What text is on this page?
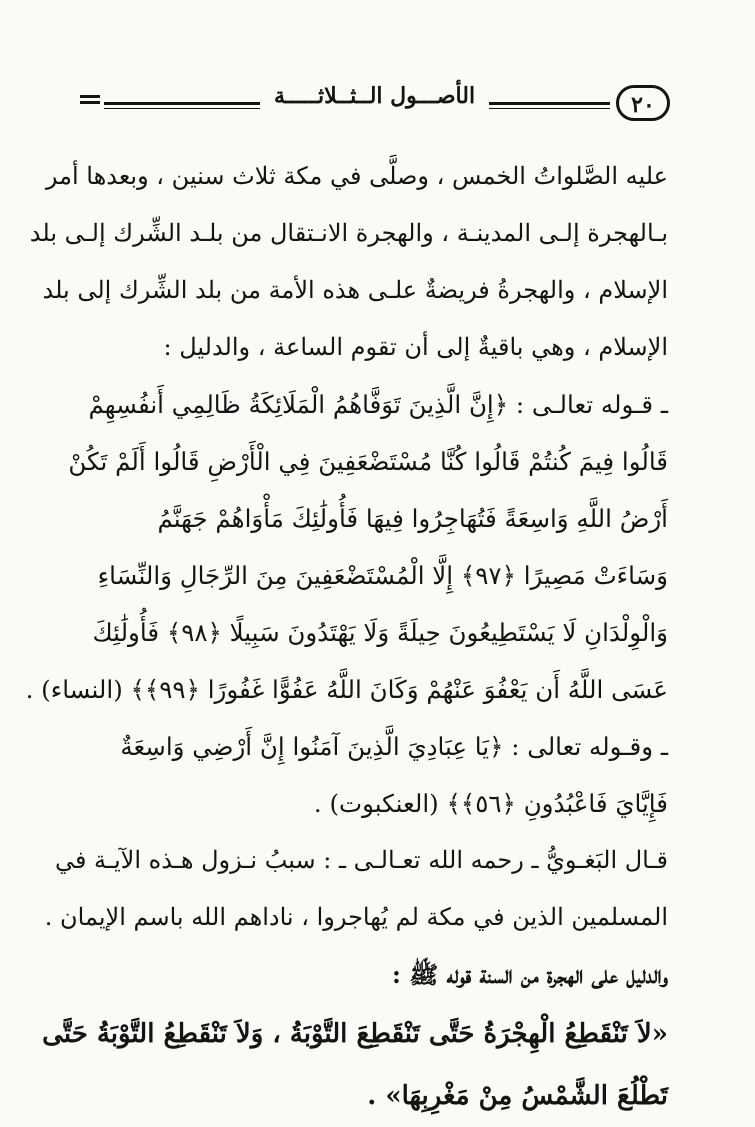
الأصـــول الــثــلاثـــــة	٢٠
عليه الصَّلواتُ الخمس ، وصلَّى في مكة ثلاث سنين ، وبعدها أمر
بـالهجرة إلـى المدينـة ، والهجرة الانـتقال من بلـد الشِّرك إلـى بلد
الإسلام ، والهجرةُ فريضةٌ علـى هذه الأمة من بلد الشِّرك إلى بلد
الإسلام ، وهي باقيةٌ إلى أن تقوم الساعة ، والدليل :
ـ قـوله تعالـى : ﴿إِنَّ الَّذِينَ تَوَفَّاهُمُ الْمَلَائِكَةُ ظَالِمِي أَنفُسِهِمْ
قَالُوا فِيمَ كُنتُمْ قَالُوا كُنَّا مُسْتَضْعَفِينَ فِي الْأَرْضِ قَالُوا أَلَمْ تَكُنْ
أَرْضُ اللَّهِ وَاسِعَةً فَتُهَاجِرُوا فِيهَا فَأُولَٰئِكَ مَأْوَاهُمْ جَهَنَّمُ
وَسَاءَتْ مَصِيرًا ﴿٩٧﴾ إِلَّا الْمُسْتَضْعَفِينَ مِنَ الرِّجَالِ وَالنِّسَاءِ
وَالْوِلْدَانِ لَا يَسْتَطِيعُونَ حِيلَةً وَلَا يَهْتَدُونَ سَبِيلًا ﴿٩٨﴾ فَأُولَٰئِكَ
عَسَى اللَّهُ أَن يَعْفُوَ عَنْهُمْ وَكَانَ اللَّهُ عَفُوًّا غَفُورًا ﴿٩٩﴾﴾ (النساء) .
ـ وقـوله تعالى : ﴿يَا عِبَادِيَ الَّذِينَ آمَنُوا إِنَّ أَرْضِي وَاسِعَةٌ
فَإِيَّايَ فَاعْبُدُونِ ﴿٥٦﴾﴾ (العنكبوت) .
قـال البَغـويُّ ـ رحمه الله تعـالـى ـ : سببُ نـزول هـذه الآيـة في
المسلمين الذين في مكة لم يُهاجروا ، ناداهم الله باسم الإيمان .
والدليل على الهجرة من السنة قوله ﷺ :
«لاَ تَنْقَطِعُ الْهِجْرَةُ حَتَّى تَنْقَطِعَ التَّوْبَةُ ، وَلاَ تَنْقَطِعُ التَّوْبَةُ حَتَّى
تَطْلُعَ الشَّمْسُ مِنْ مَغْرِبِهَا» .
